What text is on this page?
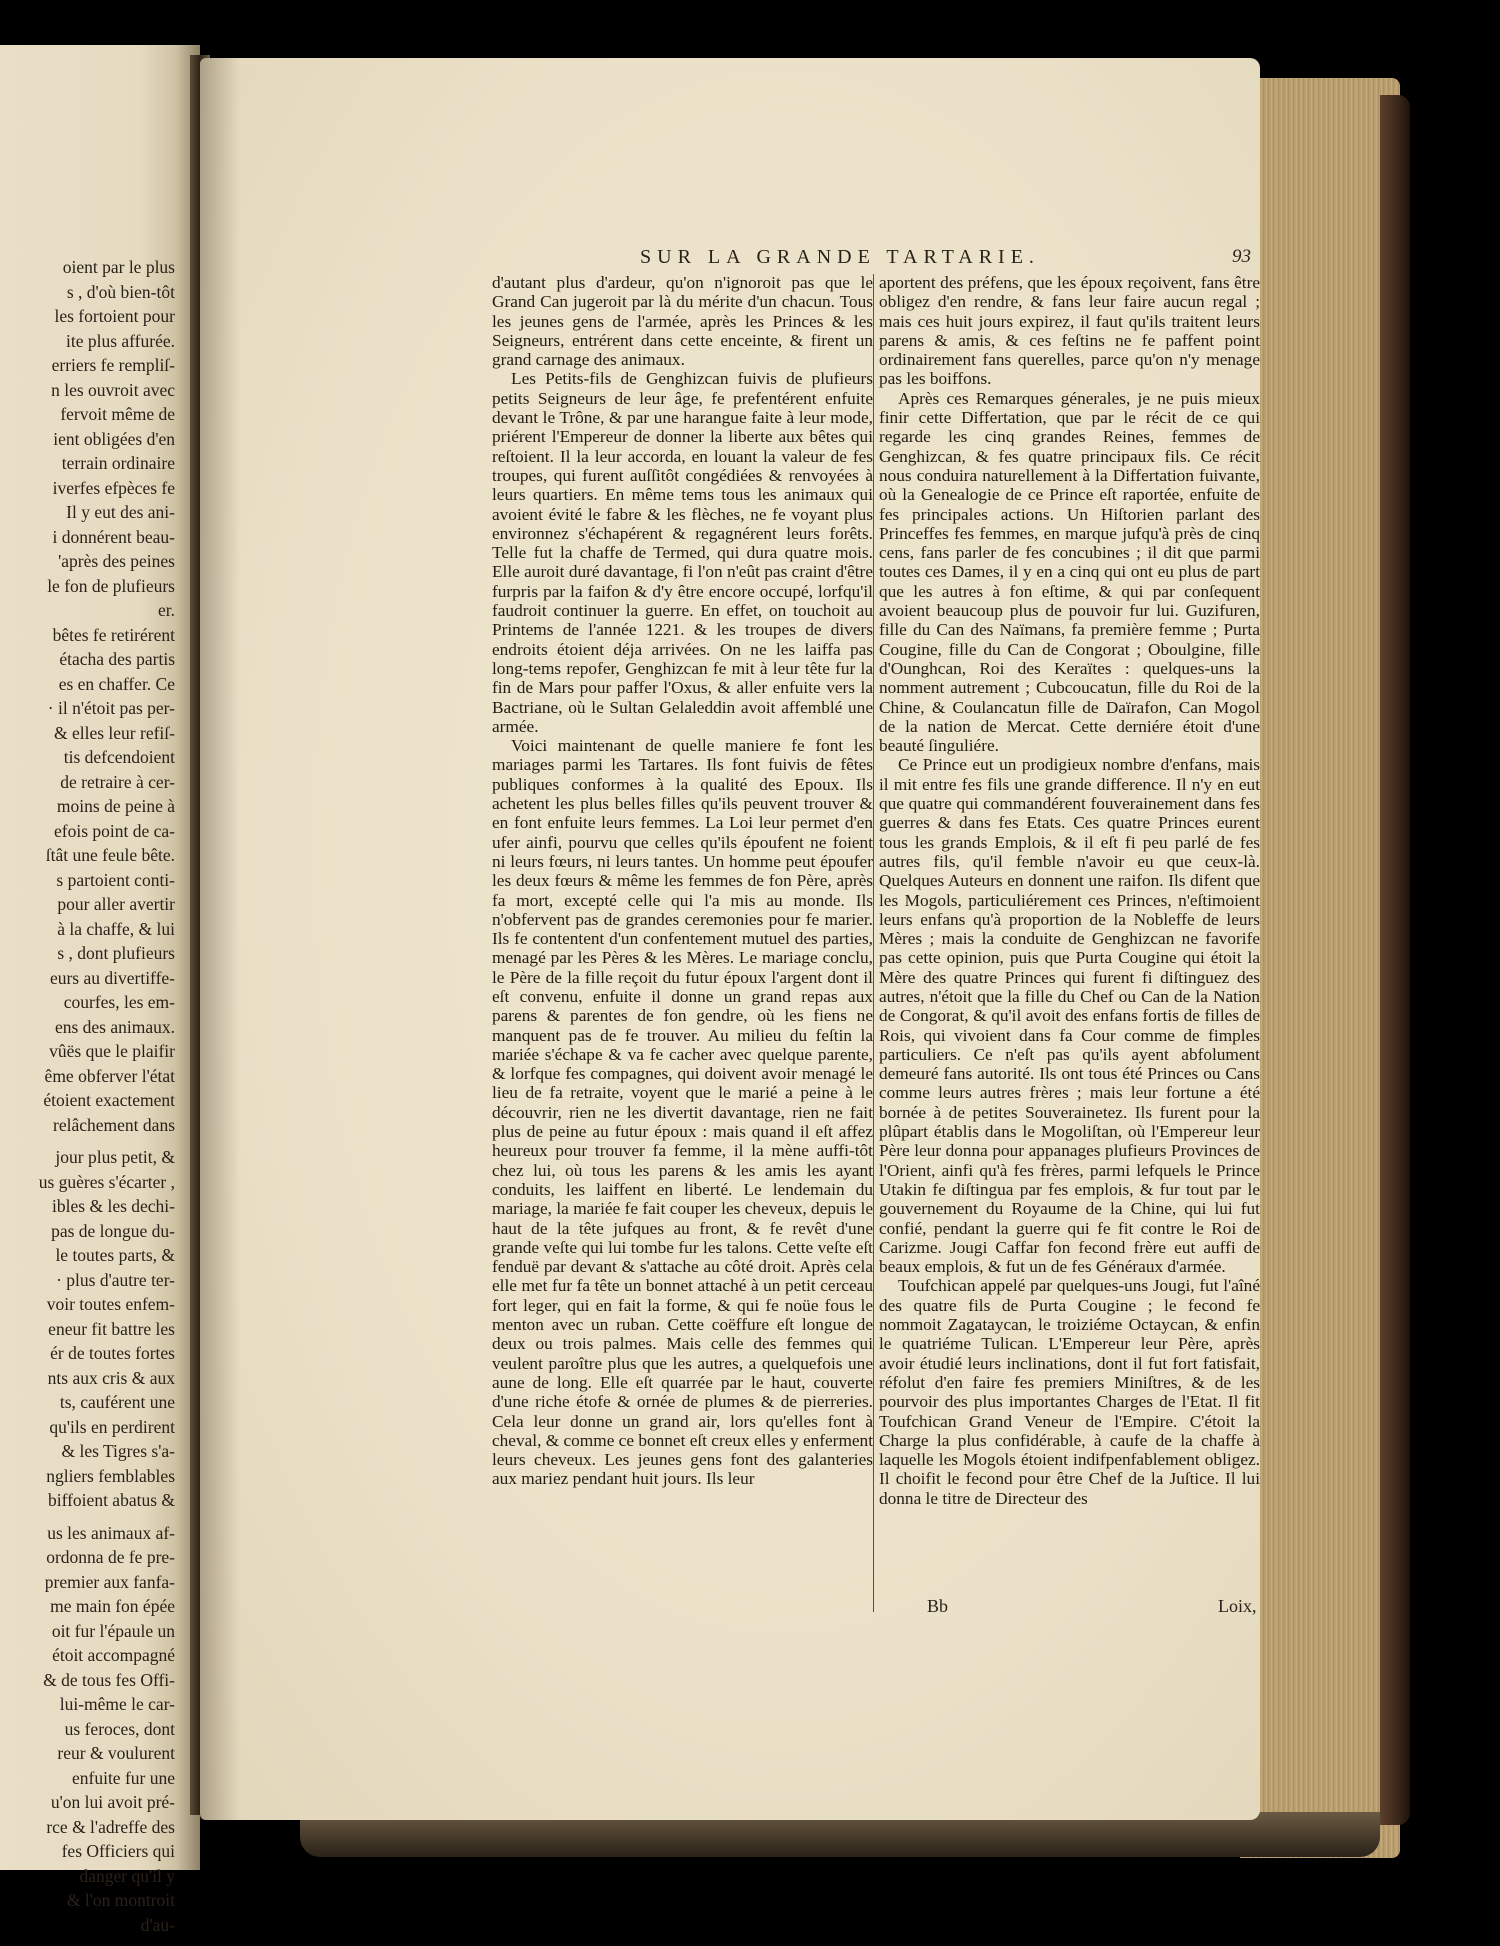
oient par le plus
s , d'où bien-tôt
les fortoient pour
ite plus affurée.
erriers fe rempliſ-
n les ouvroit avec
fervoit même de
ient obligées d'en
terrain ordinaire
iverfes efpèces fe
Il y eut des ani-
i donnérent beau-
'après des peines
le fon de plufieurs
er.
bêtes fe retirérent
étacha des partis
es en chaffer. Ce
· il n'étoit pas per-
& elles leur refiſ-
tis defcendoient
de retraire à cer-
moins de peine à
efois point de ca-
ſtât une feule bête.
s partoient conti-
pour aller avertir
à la chaffe, & lui
s , dont plufieurs
eurs au divertiffe-
courfes, les em-
ens des animaux.
vûës que le plaifir
ême obferver l'état
étoient exactement
relâchement dans
jour plus petit, &
us guères s'écarter ,
ibles & les dechi-
pas de longue du-
le toutes parts, &
· plus d'autre ter-
voir toutes enfem-
eneur fit battre les
ér de toutes fortes
nts aux cris & aux
ts, cauférent une
qu'ils en perdirent
& les Tigres s'a-
ngliers femblables
biffoient abatus &
us les animaux af-
ordonna de fe pre-
premier aux fanfa-
me main fon épée
oit fur l'épaule un
étoit accompagné
& de tous fes Offi-
lui-même le car-
us feroces, dont
reur & voulurent
enfuite fur une
u'on lui avoit pré-
rce & l'adreffe des
fes Officiers qui
danger qu'il y
& l'on montroit
d'au-
SUR LA GRANDE TARTARIE.	93

d'autant plus d'ardeur, qu'on n'ignoroit pas que le Grand Can jugeroit par là du mérite d'un chacun. Tous les jeunes gens de l'armée, après les Princes & les Seigneurs, entrérent dans cette enceinte, & firent un grand carnage des animaux.

Les Petits-fils de Genghizcan fuivis de plufieurs petits Seigneurs de leur âge, fe prefentérent enfuite devant le Trône, & par une harangue faite à leur mode, priérent l'Empereur de donner la liberte aux bêtes qui reſtoient. Il la leur accorda, en louant la valeur de fes troupes, qui furent auſſitôt congédiées & renvoyées à leurs quartiers. En même tems tous les animaux qui avoient évité le fabre & les flèches, ne fe voyant plus environnez s'échapérent & regagnérent leurs forêts. Telle fut la chaffe de Termed, qui dura quatre mois. Elle auroit duré davantage, fi l'on n'eût pas craint d'être furpris par la faifon & d'y être encore occupé, lorfqu'il faudroit continuer la guerre. En effet, on touchoit au Printems de l'année 1221. & les troupes de divers endroits étoient déja arrivées. On ne les laiffa pas long-tems repofer, Genghizcan fe mit à leur tête fur la fin de Mars pour paffer l'Oxus, & aller enfuite vers la Bactriane, où le Sultan Gelaleddin avoit affemblé une armée.

Voici maintenant de quelle maniere fe font les mariages parmi les Tartares. Ils font fuivis de fêtes publiques conformes à la qualité des Epoux. Ils achetent les plus belles filles qu'ils peuvent trouver & en font enfuite leurs femmes. La Loi leur permet d'en ufer ainfi, pourvu que celles qu'ils époufent ne foient ni leurs fœurs, ni leurs tantes. Un homme peut époufer les deux fœurs & même les femmes de fon Père, après fa mort, excepté celle qui l'a mis au monde. Ils n'obfervent pas de grandes ceremonies pour fe marier. Ils fe contentent d'un confentement mutuel des parties, menagé par les Pères & les Mères. Le mariage conclu, le Père de la fille reçoit du futur époux l'argent dont il eſt convenu, enfuite il donne un grand repas aux parens & parentes de fon gendre, où les fiens ne manquent pas de fe trouver. Au milieu du feſtin la mariée s'échape & va fe cacher avec quelque parente, & lorfque fes compagnes, qui doivent avoir menagé le lieu de fa retraite, voyent que le marié a peine à le découvrir, rien ne les divertit davantage, rien ne fait plus de peine au futur époux : mais quand il eſt affez heureux pour trouver fa femme, il la mène auffi-tôt chez lui, où tous les parens & les amis les ayant conduits, les laiffent en liberté. Le lendemain du mariage, la mariée fe fait couper les cheveux, depuis le haut de la tête jufques au front, & fe revêt d'une grande veſte qui lui tombe fur les talons. Cette veſte eſt fenduë par devant & s'attache au côté droit. Après cela elle met fur fa tête un bonnet attaché à un petit cerceau fort leger, qui en fait la forme, & qui fe noüe fous le menton avec un ruban. Cette coëffure eſt longue de deux ou trois palmes. Mais celle des femmes qui veulent paroître plus que les autres, a quelquefois une aune de long. Elle eſt quarrée par le haut, couverte d'une riche étofe & ornée de plumes & de pierreries. Cela leur donne un grand air, lors qu'elles font à cheval, & comme ce bonnet eſt creux elles y enferment leurs cheveux. Les jeunes gens font des galanteries aux mariez pendant huit jours. Ils leur

aportent des préfens, que les époux reçoivent, fans être obligez d'en rendre, & fans leur faire aucun regal ; mais ces huit jours expirez, il faut qu'ils traitent leurs parens & amis, & ces feſtins ne fe paffent point ordinairement fans querelles, parce qu'on n'y menage pas les boiffons.

Après ces Remarques génerales, je ne puis mieux finir cette Differtation, que par le récit de ce qui regarde les cinq grandes Reines, femmes de Genghizcan, & fes quatre principaux fils. Ce récit nous conduira naturellement à la Differtation fuivante, où la Genealogie de ce Prince eſt raportée, enfuite de fes principales actions. Un Hiſtorien parlant des Princeffes fes femmes, en marque jufqu'à près de cinq cens, fans parler de fes concubines ; il dit que parmi toutes ces Dames, il y en a cinq qui ont eu plus de part que les autres à fon eſtime, & qui par conſequent avoient beaucoup plus de pouvoir fur lui. Guzifuren, fille du Can des Naïmans, fa première femme ; Purta Cougine, fille du Can de Congorat ; Oboulgine, fille d'Ounghcan, Roi des Keraïtes : quelques-uns la nomment autrement ; Cubcoucatun, fille du Roi de la Chine, & Coulancatun fille de Daïrafon, Can Mogol de la nation de Mercat. Cette derniére étoit d'une beauté ſinguliére.

Ce Prince eut un prodigieux nombre d'enfans, mais il mit entre fes fils une grande difference. Il n'y en eut que quatre qui commandérent fouverainement dans fes guerres & dans fes Etats. Ces quatre Princes eurent tous les grands Emplois, & il eſt fi peu parlé de fes autres fils, qu'il femble n'avoir eu que ceux-là. Quelques Auteurs en donnent une raifon. Ils difent que les Mogols, particuliérement ces Princes, n'eſtimoient leurs enfans qu'à proportion de la Nobleffe de leurs Mères ; mais la conduite de Genghizcan ne favorife pas cette opinion, puis que Purta Cougine qui étoit la Mère des quatre Princes qui furent fi diſtinguez des autres, n'étoit que la fille du Chef ou Can de la Nation de Congorat, & qu'il avoit des enfans fortis de filles de Rois, qui vivoient dans fa Cour comme de fimples particuliers. Ce n'eſt pas qu'ils ayent abfolument demeuré fans autorité. Ils ont tous été Princes ou Cans comme leurs autres frères ; mais leur fortune a été bornée à de petites Souverainetez. Ils furent pour la plûpart établis dans le Mogoliſtan, où l'Empereur leur Père leur donna pour appanages plufieurs Provinces de l'Orient, ainfi qu'à fes frères, parmi lefquels le Prince Utakin fe diſtingua par fes emplois, & fur tout par le gouvernement du Royaume de la Chine, qui lui fut confié, pendant la guerre qui fe fit contre le Roi de Carizme. Jougi Caffar fon fecond frère eut auffi de beaux emplois, & fut un de fes Généraux d'armée.

Toufchican appelé par quelques-uns Jougi, fut l'aîné des quatre fils de Purta Cougine ; le fecond fe nommoit Zagataycan, le troiziéme Octaycan, & enfin le quatriéme Tulican. L'Empereur leur Père, après avoir étudié leurs inclinations, dont il fut fort fatisfait, réfolut d'en faire fes premiers Miniſtres, & de les pourvoir des plus importantes Charges de l'Etat. Il fit Toufchican Grand Veneur de l'Empire. C'étoit la Charge la plus confidérable, à caufe de la chaffe à laquelle les Mogols étoient indifpenfablement obligez. Il choifit le fecond pour être Chef de la Juſtice. Il lui donna le titre de Directeur des

Bb	Loix,
